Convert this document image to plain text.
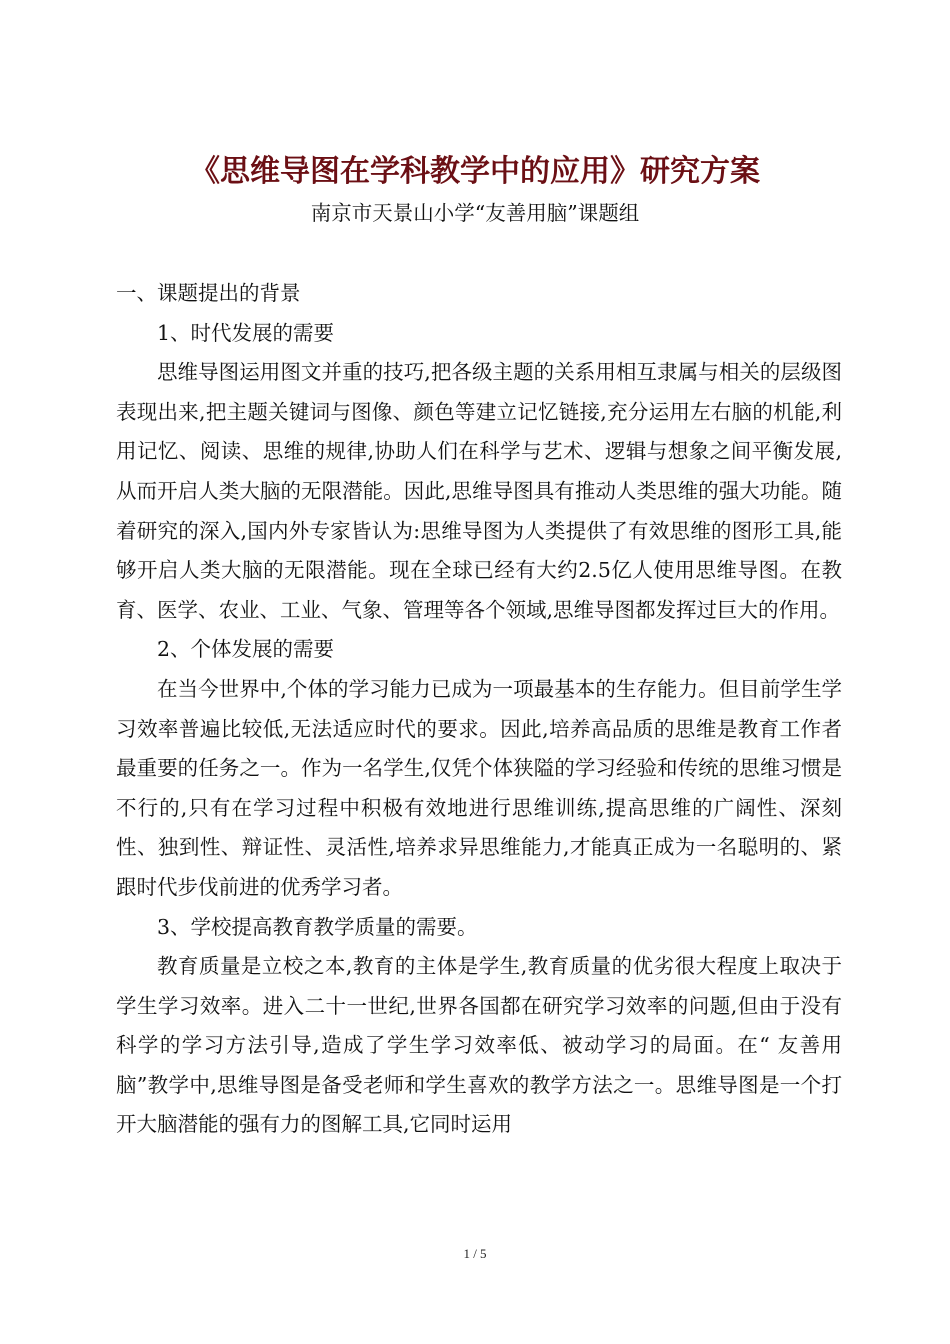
《思维导图在学科教学中的应用》研究方案
南京市天景山小学“友善用脑”课题组

一、课题提出的背景

1、时代发展的需要

思维导图运用图文并重的技巧,把各级主题的关系用相互隶属与相关的层级图表现出来,把主题关键词与图像、颜色等建立记忆链接,充分运用左右脑的机能,利用记忆、阅读、思维的规律,协助人们在科学与艺术、逻辑与想象之间平衡发展,从而开启人类大脑的无限潜能。因此,思维导图具有推动人类思维的强大功能。随着研究的深入,国内外专家皆认为:思维导图为人类提供了有效思维的图形工具,能够开启人类大脑的无限潜能。现在全球已经有大约2.5亿人使用思维导图。在教育、医学、农业、工业、气象、管理等各个领域,思维导图都发挥过巨大的作用。

2、个体发展的需要

在当今世界中,个体的学习能力已成为一项最基本的生存能力。但目前学生学习效率普遍比较低,无法适应时代的要求。因此,培养高品质的思维是教育工作者最重要的任务之一。作为一名学生,仅凭个体狭隘的学习经验和传统的思维习惯是不行的,只有在学习过程中积极有效地进行思维训练,提高思维的广阔性、深刻性、独到性、辩证性、灵活性,培养求异思维能力,才能真正成为一名聪明的、紧跟时代步伐前进的优秀学习者。

3、学校提高教育教学质量的需要。

教育质量是立校之本,教育的主体是学生,教育质量的优劣很大程度上取决于学生学习效率。进入二十一世纪,世界各国都在研究学习效率的问题,但由于没有科学的学习方法引导,造成了学生学习效率低、被动学习的局面。在“ 友善用脑”教学中,思维导图是备受老师和学生喜欢的教学方法之一。思维导图是一个打开大脑潜能的强有力的图解工具,它同时运用

1 / 5
